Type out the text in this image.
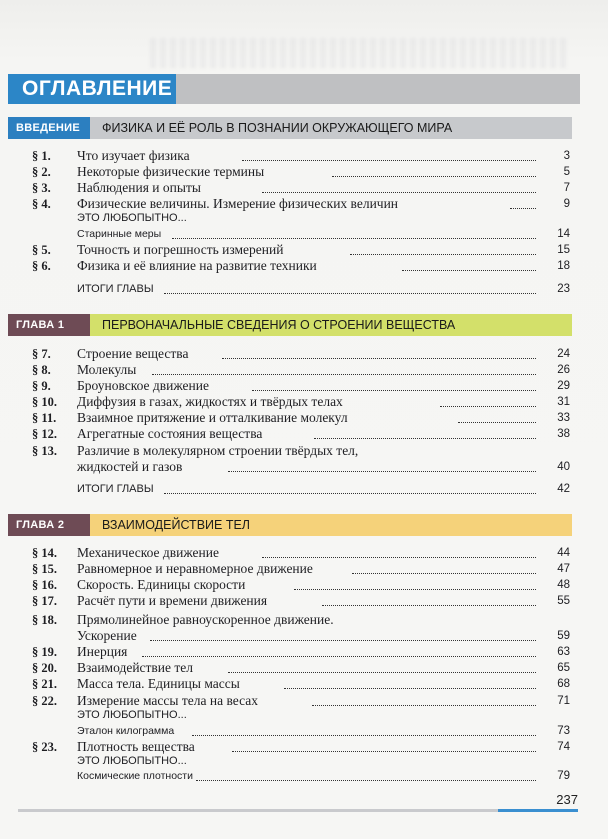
ОГЛАВЛЕНИЕ
ВВЕДЕНИЕ	ФИЗИКА И ЕЁ РОЛЬ В ПОЗНАНИИ ОКРУЖАЮЩЕГО МИРА
§ 1.	Что изучает физика	3
§ 2.	Некоторые физические термины	5
§ 3.	Наблюдения и опыты	7
§ 4.	Физические величины. Измерение физических величин	9
ЭТО ЛЮБОПЫТНО...
Старинные меры	14
§ 5.	Точность и погрешность измерений	15
§ 6.	Физика и её влияние на развитие техники	18
ИТОГИ ГЛАВЫ	23
ГЛАВА 1	ПЕРВОНАЧАЛЬНЫЕ СВЕДЕНИЯ О СТРОЕНИИ ВЕЩЕСТВА
§ 7.	Строение вещества	24
§ 8.	Молекулы	26
§ 9.	Броуновское движение	29
§ 10.	Диффузия в газах, жидкостях и твёрдых телах	31
§ 11.	Взаимное притяжение и отталкивание молекул	33
§ 12.	Агрегатные состояния вещества	38
§ 13.	Различие в молекулярном строении твёрдых тел,
жидкостей и газов	40
ИТОГИ ГЛАВЫ	42
ГЛАВА 2	ВЗАИМОДЕЙСТВИЕ ТЕЛ
§ 14.	Механическое движение	44
§ 15.	Равномерное и неравномерное движение	47
§ 16.	Скорость. Единицы скорости	48
§ 17.	Расчёт пути и времени движения	55
§ 18.	Прямолинейное равноускоренное движение.
Ускорение	59
§ 19.	Инерция	63
§ 20.	Взаимодействие тел	65
§ 21.	Масса тела. Единицы массы	68
§ 22.	Измерение массы тела на весах	71
ЭТО ЛЮБОПЫТНО...
Эталон килограмма	73
§ 23.	Плотность вещества	74
ЭТО ЛЮБОПЫТНО...
Космические плотности	79
237
